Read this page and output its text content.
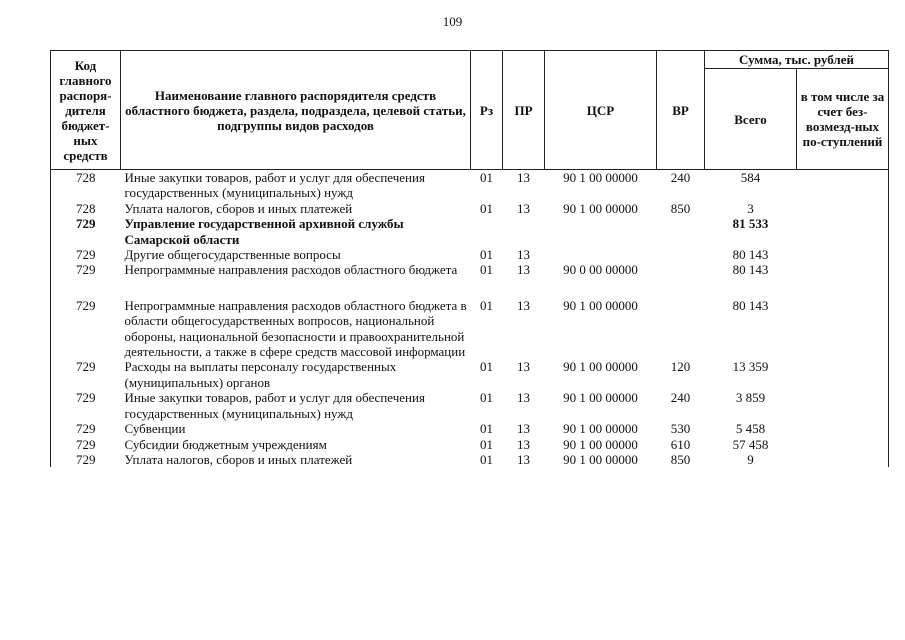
109
Код главного распоря-дителя бюджет-ных средств	Наименование главного распорядителя средств областного бюджета, раздела, подраздела, целевой статьи, подгруппы видов расходов	Рз	ПР	ЦСР	ВР	Сумма, тыс. рублей	
						Всего	в том числе за счет без-возмезд-ных по-ступлений
728	Иные закупки товаров, работ и услуг для обеспечения государственных (муниципальных) нужд	01	13	90 1 00 00000	240	584	
728	Уплата налогов, сборов и иных платежей	01	13	90 1 00 00000	850	3	
729	Управление государственной архивной службы Самарской области					81 533	
729	Другие общегосударственные вопросы	01	13			80 143	
729	Непрограммные направления расходов областного бюджета	01	13	90 0 00 00000		80 143	
729	Непрограммные направления расходов областного бюджета в области общегосударственных вопросов, национальной обороны, национальной безопасности и правоохранительной деятельности, а также в сфере средств массовой информации	01	13	90 1 00 00000		80 143	
729	Расходы на выплаты персоналу государственных (муниципальных) органов	01	13	90 1 00 00000	120	13 359	
729	Иные закупки товаров, работ и услуг для обеспечения государственных (муниципальных) нужд	01	13	90 1 00 00000	240	3 859	
729	Субвенции	01	13	90 1 00 00000	530	5 458	
729	Субсидии бюджетным учреждениям	01	13	90 1 00 00000	610	57 458	
729	Уплата налогов, сборов и иных платежей	01	13	90 1 00 00000	850	9	
